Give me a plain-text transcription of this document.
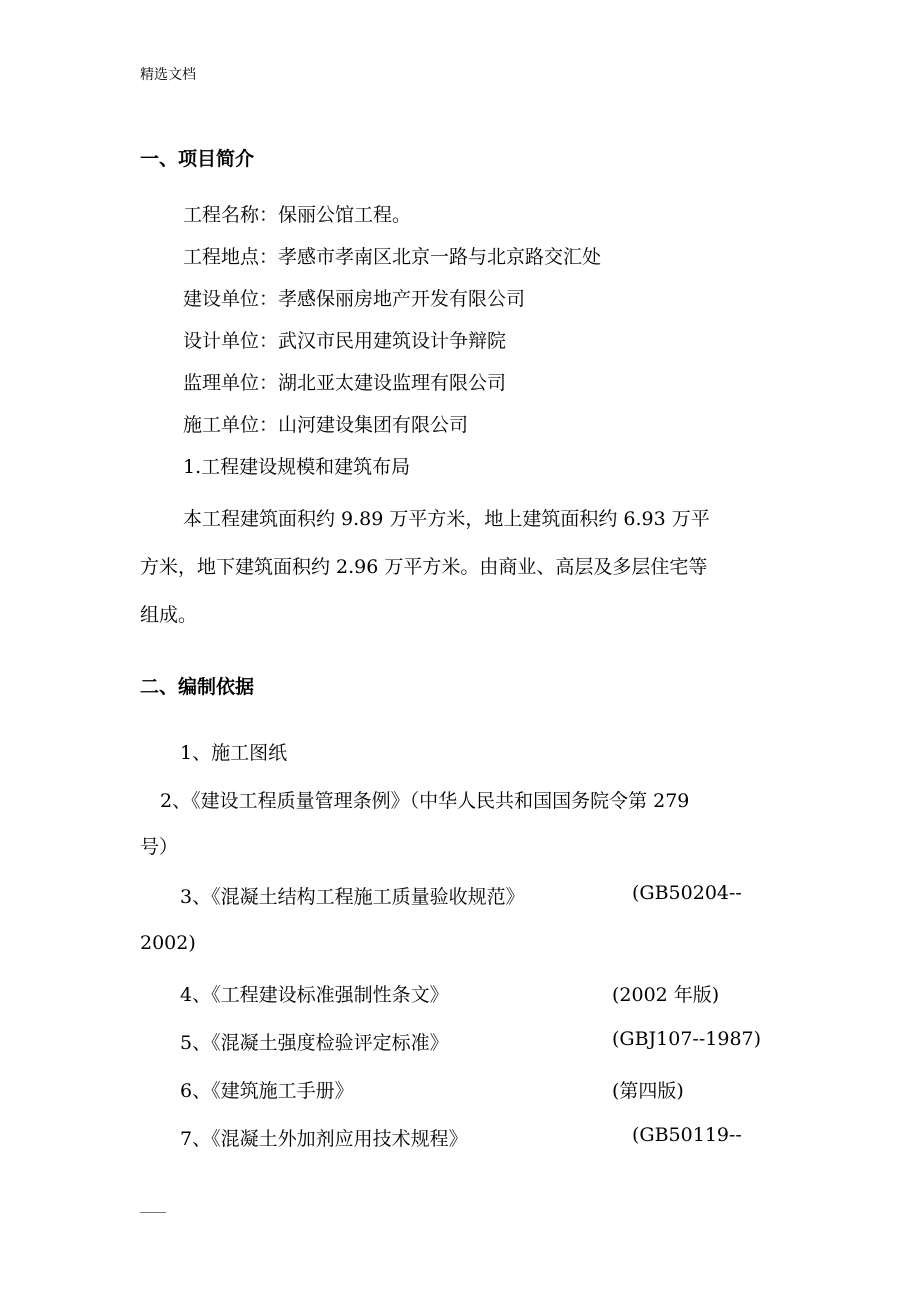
精选文档
一、项目简介
工程名称：保丽公馆工程。
工程地点：孝感市孝南区北京一路与北京路交汇处
建设单位：孝感保丽房地产开发有限公司
设计单位：武汉市民用建筑设计争辩院
监理单位：湖北亚太建设监理有限公司
施工单位：山河建设集团有限公司
1.工程建设规模和建筑布局
本工程建筑面积约 9.89 万平方米，地上建筑面积约 6.93 万平
方米，地下建筑面积约 2.96 万平方米。由商业、高层及多层住宅等
组成。
二、编制依据
1、施工图纸
2、《建设工程质量管理条例》（中华人民共和国国务院令第 279
号）
3、《混凝土结构工程施工质量验收规范》	(GB50204--
2002)
4、《工程建设标准强制性条文》	(2002 年版)
5、《混凝土强度检验评定标准》	(GBJ107--1987)
6、《建筑施工手册》	(第四版)
7、《混凝土外加剂应用技术规程》	(GB50119--
